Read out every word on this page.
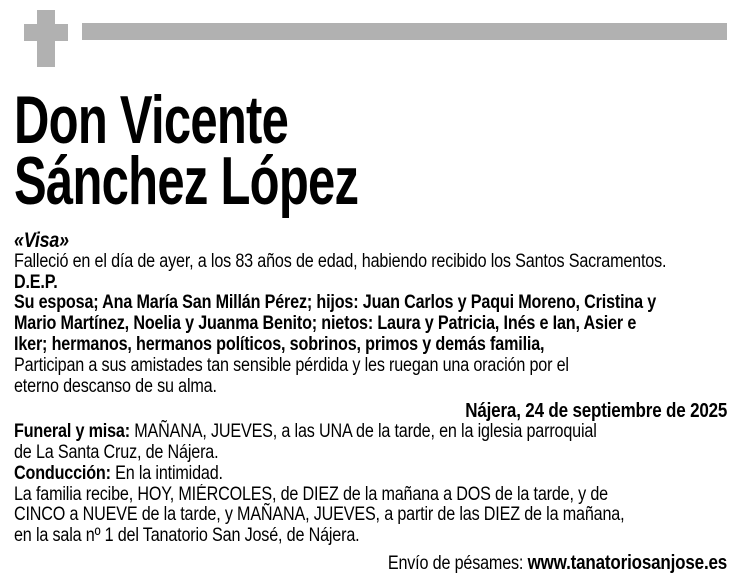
Don Vicente
Sánchez López
«Visa»
Falleció en el día de ayer, a los 83 años de edad, habiendo recibido los Santos Sacramentos.
D.E.P.
Su esposa; Ana María San Millán Pérez; hijos: Juan Carlos y Paqui Moreno, Cristina y
Mario Martínez, Noelia y Juanma Benito; nietos: Laura y Patricia, Inés e Ian, Asier e
Iker; hermanos, hermanos políticos, sobrinos, primos y demás familia,
Participan a sus amistades tan sensible pérdida y les ruegan una oración por el
eterno descanso de su alma.
Nájera, 24 de septiembre de 2025
Funeral y misa: MAÑANA, JUEVES, a las UNA de la tarde, en la iglesia parroquial
de La Santa Cruz, de Nájera.
Conducción: En la intimidad.
La familia recibe, HOY, MIÉRCOLES, de DIEZ de la mañana a DOS de la tarde, y de
CINCO a NUEVE de la tarde, y MAÑANA, JUEVES, a partir de las DIEZ de la mañana,
en la sala nº 1 del Tanatorio San José, de Nájera.
Envío de pésames: www.tanatoriosanjose.es
